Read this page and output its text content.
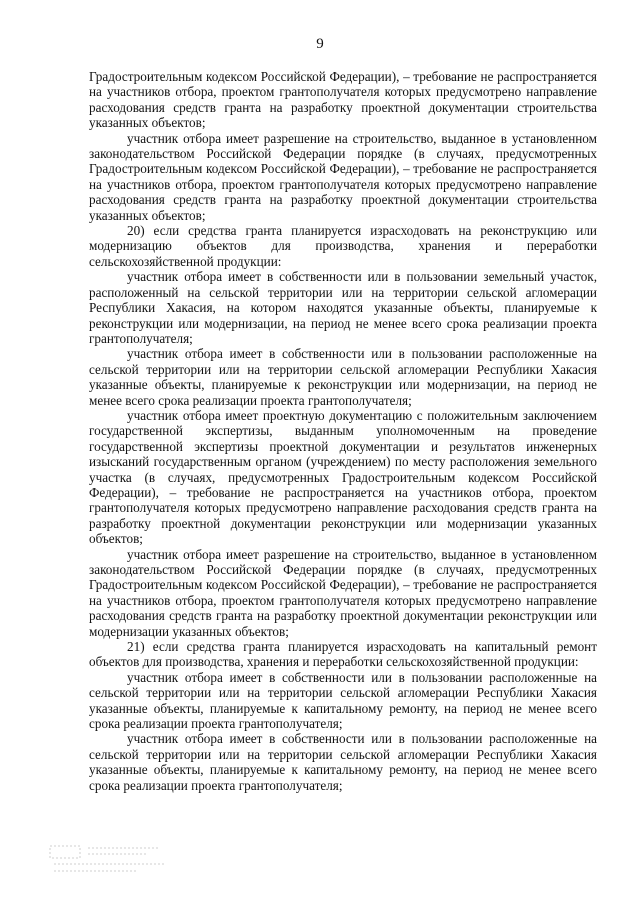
9

Градостроительным кодексом Российской Федерации), – требование не распространяется на участников отбора, проектом грантополучателя которых предусмотрено направление расходования средств гранта на разработку проектной документации строительства указанных объектов;

участник отбора имеет разрешение на строительство, выданное в установленном законодательством Российской Федерации порядке (в случаях, предусмотренных Градостроительным кодексом Российской Федерации), – требование не распространяется на участников отбора, проектом грантополучателя которых предусмотрено направление расходования средств гранта на разработку проектной документации строительства указанных объектов;

20) если средства гранта планируется израсходовать на реконструкцию или модернизацию объектов для производства, хранения и переработки сельскохозяйственной продукции:

участник отбора имеет в собственности или в пользовании земельный участок, расположенный на сельской территории или на территории сельской агломерации Республики Хакасия, на котором находятся указанные объекты, планируемые к реконструкции или модернизации, на период не менее всего срока реализации проекта грантополучателя;

участник отбора имеет в собственности или в пользовании расположенные на сельской территории или на территории сельской агломерации Республики Хакасия указанные объекты, планируемые к реконструкции или модернизации, на период не менее всего срока реализации проекта грантополучателя;

участник отбора имеет проектную документацию с положительным заключением государственной экспертизы, выданным уполномоченным на проведение государственной экспертизы проектной документации и результатов инженерных изысканий государственным органом (учреждением) по месту расположения земельного участка (в случаях, предусмотренных Градостроительным кодексом Российской Федерации), – требование не распространяется на участников отбора, проектом грантополучателя которых предусмотрено направление расходования средств гранта на разработку проектной документации реконструкции или модернизации указанных объектов;

участник отбора имеет разрешение на строительство, выданное в установленном законодательством Российской Федерации порядке (в случаях, предусмотренных Градостроительным кодексом Российской Федерации), – требование не распространяется на участников отбора, проектом грантополучателя которых предусмотрено направление расходования средств гранта на разработку проектной документации реконструкции или модернизации указанных объектов;

21) если средства гранта планируется израсходовать на капитальный ремонт объектов для производства, хранения и переработки сельскохозяйственной продукции:

участник отбора имеет в собственности или в пользовании расположенные на сельской территории или на территории сельской агломерации Республики Хакасия указанные объекты, планируемые к капитальному ремонту, на период не менее всего срока реализации проекта грантополучателя;

участник отбора имеет в собственности или в пользовании расположенные на сельской территории или на территории сельской агломерации Республики Хакасия указанные объекты, планируемые к капитальному ремонту, на период не менее всего срока реализации проекта грантополучателя;
